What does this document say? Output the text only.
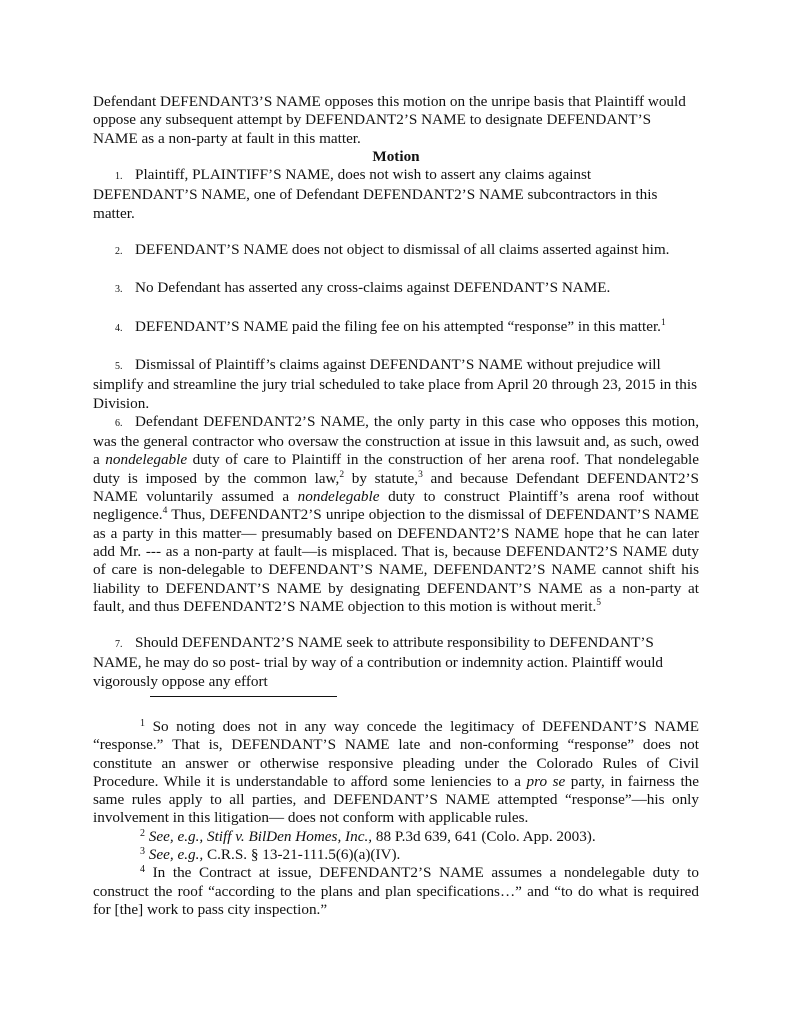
Defendant DEFENDANT3’S NAME opposes this motion on the unripe basis that Plaintiff would oppose any subsequent attempt by DEFENDANT2’S NAME to designate DEFENDANT’S NAME as a non-party at fault in this matter.

Motion

1. Plaintiff, PLAINTIFF’S NAME, does not wish to assert any claims against DEFENDANT’S NAME, one of Defendant DEFENDANT2’S NAME subcontractors in this matter.

2. DEFENDANT’S NAME does not object to dismissal of all claims asserted against him.

3. No Defendant has asserted any cross-claims against DEFENDANT’S NAME.

4. DEFENDANT’S NAME paid the filing fee on his attempted “response” in this matter.$^1$

5. Dismissal of Plaintiff’s claims against DEFENDANT’S NAME without prejudice will simplify and streamline the jury trial scheduled to take place from April 20 through 23, 2015 in this Division.

6. Defendant DEFENDANT2’S NAME, the only party in this case who opposes this motion, was the general contractor who oversaw the construction at issue in this lawsuit and, as such, owed a nondelegable duty of care to Plaintiff in the construction of her arena roof. That nondelegable duty is imposed by the common law,$^2$ by statute,$^3$ and because Defendant DEFENDANT2’S NAME voluntarily assumed a nondelegable duty to construct Plaintiff’s arena roof without negligence.$^4$ Thus, DEFENDANT2’S unripe objection to the dismissal of DEFENDANT’S NAME as a party in this matter— presumably based on DEFENDANT2’S NAME hope that he can later add Mr. --- as a non-party at fault—is misplaced. That is, because DEFENDANT2’S NAME duty of care is non-delegable to DEFENDANT’S NAME, DEFENDANT2’S NAME cannot shift his liability to DEFENDANT’S NAME by designating DEFENDANT’S NAME as a non-party at fault, and thus DEFENDANT2’S NAME objection to this motion is without merit.$^5$

7. Should DEFENDANT2’S NAME seek to attribute responsibility to DEFENDANT’S NAME, he may do so post- trial by way of a contribution or indemnity action. Plaintiff would vigorously oppose any effort

$^1$ So noting does not in any way concede the legitimacy of DEFENDANT’S NAME “response.” That is, DEFENDANT’S NAME late and non-conforming “response” does not constitute an answer or otherwise responsive pleading under the Colorado Rules of Civil Procedure. While it is understandable to afford some leniencies to a pro se party, in fairness the same rules apply to all parties, and DEFENDANT’S NAME attempted “response”—his only involvement in this litigation— does not conform with applicable rules.

$^2$ See, e.g., Stiff v. BilDen Homes, Inc., 88 P.3d 639, 641 (Colo. App. 2003).

$^3$ See, e.g., C.R.S. § 13-21-111.5(6)(a)(IV).

$^4$ In the Contract at issue, DEFENDANT2’S NAME assumes a nondelegable duty to construct the roof “according to the plans and plan specifications…” and “to do what is required for [the] work to pass city inspection.”
